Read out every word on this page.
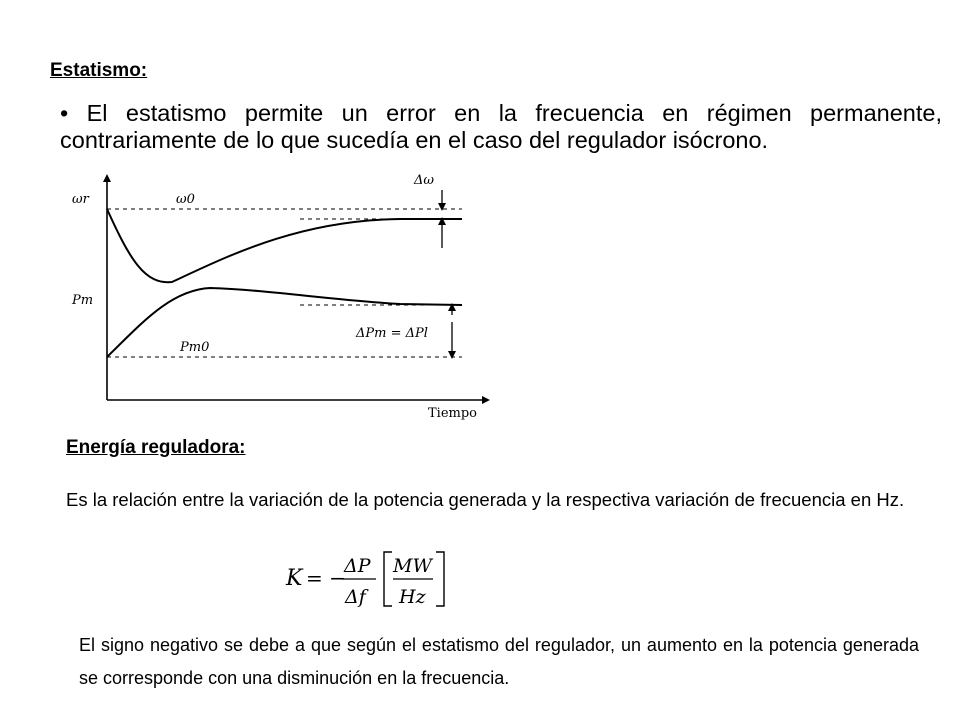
Estatismo:
• El estatismo permite un error en la frecuencia en régimen permanente, contrariamente de lo que sucedía en el caso del regulador isócrono.
ωr	ω0
Δω
Pm
Pm0
ΔPm = ΔPl
Tiempo
Energía reguladora:
Es la relación entre la variación de la potencia generada y la respectiva variación de frecuencia en Hz.
K = −
ΔP
Δf
MW
Hz
El signo negativo se debe a que según el estatismo del regulador, un aumento en la potencia generada se corresponde con una disminución en la frecuencia.
